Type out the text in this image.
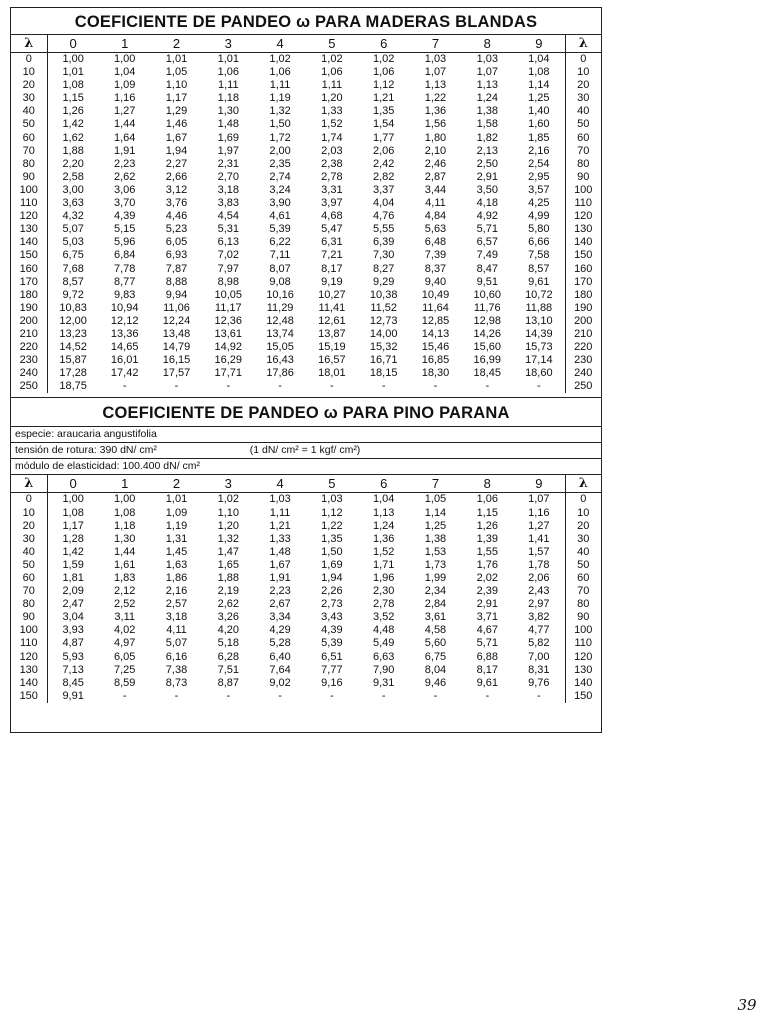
COEFICIENTE DE PANDEO ω PARA MADERAS BLANDAS
λ	0	1	2	3	4	5	6	7	8	9	λ
0	1,00	1,00	1,01	1,01	1,02	1,02	1,02	1,03	1,03	1,04	0
10	1,01	1,04	1,05	1,06	1,06	1,06	1,06	1,07	1,07	1,08	10
20	1,08	1,09	1,10	1,11	1,11	1,11	1,12	1,13	1,13	1,14	20
30	1,15	1,16	1,17	1,18	1,19	1,20	1,21	1,22	1,24	1,25	30
40	1,26	1,27	1,29	1,30	1,32	1,33	1,35	1,36	1,38	1,40	40
50	1,42	1,44	1,46	1,48	1,50	1,52	1,54	1,56	1,58	1,60	50
60	1,62	1,64	1,67	1,69	1,72	1,74	1,77	1,80	1,82	1,85	60
70	1,88	1,91	1,94	1,97	2,00	2,03	2,06	2,10	2,13	2,16	70
80	2,20	2,23	2,27	2,31	2,35	2,38	2,42	2,46	2,50	2,54	80
90	2,58	2,62	2,66	2,70	2,74	2,78	2,82	2,87	2,91	2,95	90
100	3,00	3,06	3,12	3,18	3,24	3,31	3,37	3,44	3,50	3,57	100
110	3,63	3,70	3,76	3,83	3,90	3,97	4,04	4,11	4,18	4,25	110
120	4,32	4,39	4,46	4,54	4,61	4,68	4,76	4,84	4,92	4,99	120
130	5,07	5,15	5,23	5,31	5,39	5,47	5,55	5,63	5,71	5,80	130
140	5,03	5,96	6,05	6,13	6,22	6,31	6,39	6,48	6,57	6,66	140
150	6,75	6,84	6,93	7,02	7,11	7,21	7,30	7,39	7,49	7,58	150
160	7,68	7,78	7,87	7,97	8,07	8,17	8,27	8,37	8,47	8,57	160
170	8,57	8,77	8,88	8,98	9,08	9,19	9,29	9,40	9,51	9,61	170
180	9,72	9,83	9,94	10,05	10,16	10,27	10,38	10,49	10,60	10,72	180
190	10,83	10,94	11,06	11,17	11,29	11,41	11,52	11,64	11,76	11,88	190
200	12,00	12,12	12,24	12,36	12,48	12,61	12,73	12,85	12,98	13,10	200
210	13,23	13,36	13,48	13,61	13,74	13,87	14,00	14,13	14,26	14,39	210
220	14,52	14,65	14,79	14,92	15,05	15,19	15,32	15,46	15,60	15,73	220
230	15,87	16,01	16,15	16,29	16,43	16,57	16,71	16,85	16,99	17,14	230
240	17,28	17,42	17,57	17,71	17,86	18,01	18,15	18,30	18,45	18,60	240
250	18,75	-	-	-	-	-	-	-	-	-	250
COEFICIENTE DE PANDEO ω PARA PINO PARANA
especie: araucaria angustifolia
tensión de rotura: 390 dN/ cm²	(1 dN/ cm² = 1 kgf/ cm²)
módulo de elasticidad: 100.400 dN/ cm²
λ	0	1	2	3	4	5	6	7	8	9	λ
0	1,00	1,00	1,01	1,02	1,03	1,03	1,04	1,05	1,06	1,07	0
10	1,08	1,08	1,09	1,10	1,11	1,12	1,13	1,14	1,15	1,16	10
20	1,17	1,18	1,19	1,20	1,21	1,22	1,24	1,25	1,26	1,27	20
30	1,28	1,30	1,31	1,32	1,33	1,35	1,36	1,38	1,39	1,41	30
40	1,42	1,44	1,45	1,47	1,48	1,50	1,52	1,53	1,55	1,57	40
50	1,59	1,61	1,63	1,65	1,67	1,69	1,71	1,73	1,76	1,78	50
60	1,81	1,83	1,86	1,88	1,91	1,94	1,96	1,99	2,02	2,06	60
70	2,09	2,12	2,16	2,19	2,23	2,26	2,30	2,34	2,39	2,43	70
80	2,47	2,52	2,57	2,62	2,67	2,73	2,78	2,84	2,91	2,97	80
90	3,04	3,11	3,18	3,26	3,34	3,43	3,52	3,61	3,71	3,82	90
100	3,93	4,02	4,11	4,20	4,29	4,39	4,48	4,58	4,67	4,77	100
110	4,87	4,97	5,07	5,18	5,28	5,39	5,49	5,60	5,71	5,82	110
120	5,93	6,05	6,16	6,28	6,40	6,51	6,63	6,75	6,88	7,00	120
130	7,13	7,25	7,38	7,51	7,64	7,77	7,90	8,04	8,17	8,31	130
140	8,45	8,59	8,73	8,87	9,02	9,16	9,31	9,46	9,61	9,76	140
150	9,91	-	-	-	-	-	-	-	-	-	150
39
